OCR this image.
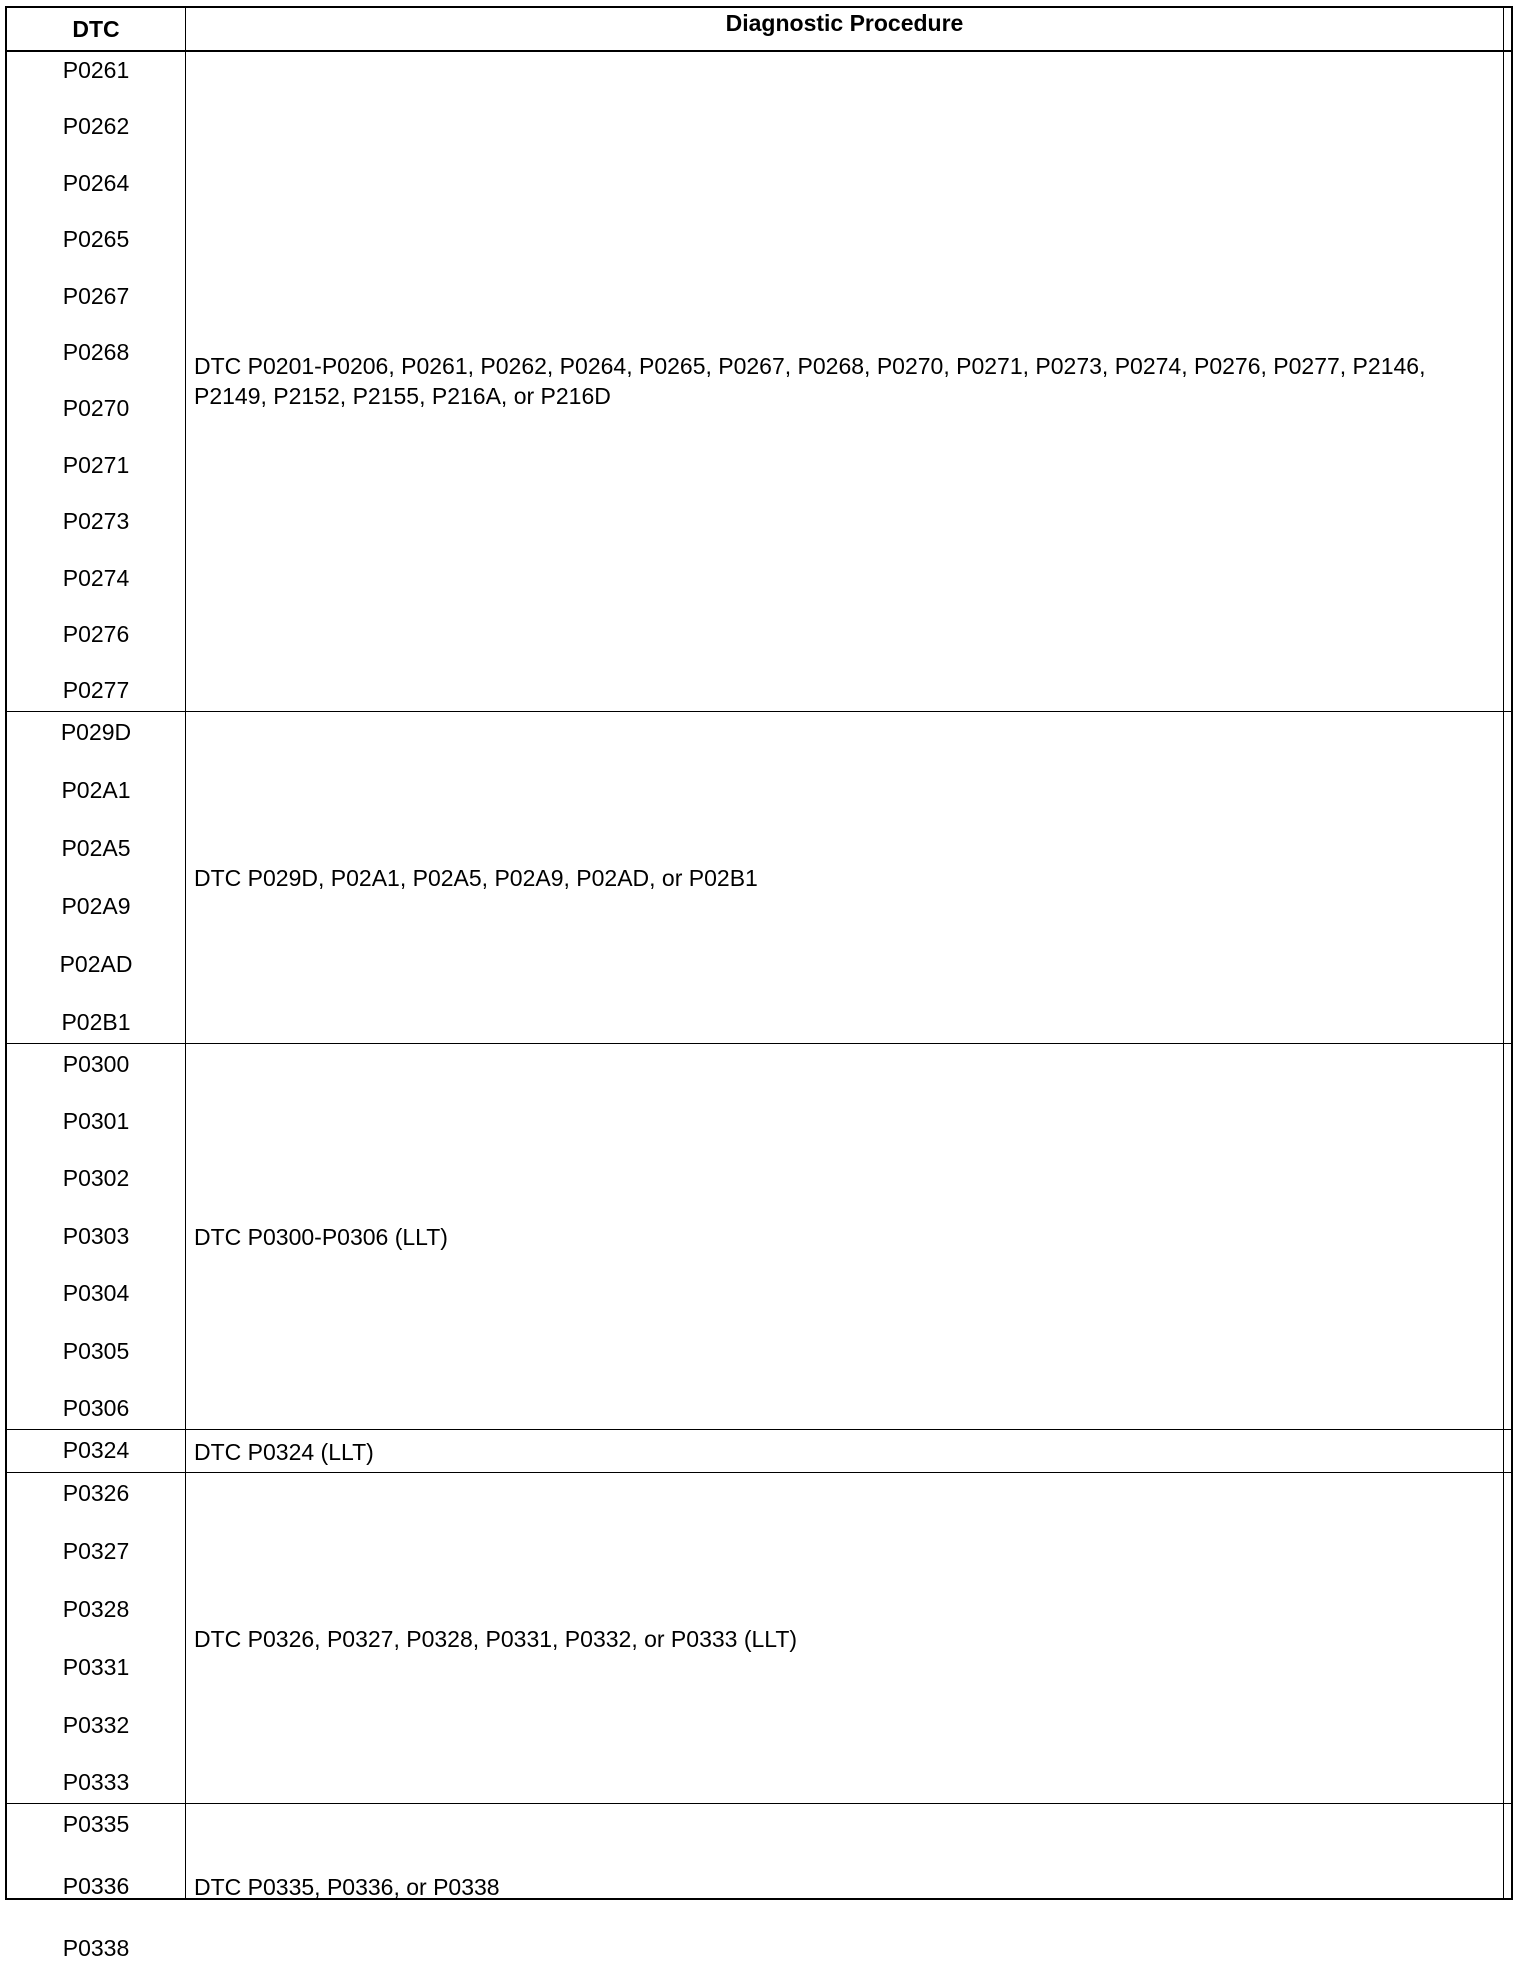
DTC	Diagnostic Procedure
P0261
P0262
P0264
P0265
P0267
P0268
P0270
P0271
P0273
P0274
P0276
P0277
DTC P0201-P0206, P0261, P0262, P0264, P0265, P0267, P0268, P0270, P0271, P0273, P0274, P0276, P0277, P2146, P2149, P2152, P2155, P216A, or P216D
P029D
P02A1
P02A5
P02A9
P02AD
P02B1
DTC P029D, P02A1, P02A5, P02A9, P02AD, or P02B1
P0300
P0301
P0302
P0303
P0304
P0305
P0306
DTC P0300-P0306 (LLT)
P0324	DTC P0324 (LLT)
P0326
P0327
P0328
P0331
P0332
P0333
DTC P0326, P0327, P0328, P0331, P0332, or P0333 (LLT)
P0335
P0336
P0338
DTC P0335, P0336, or P0338
